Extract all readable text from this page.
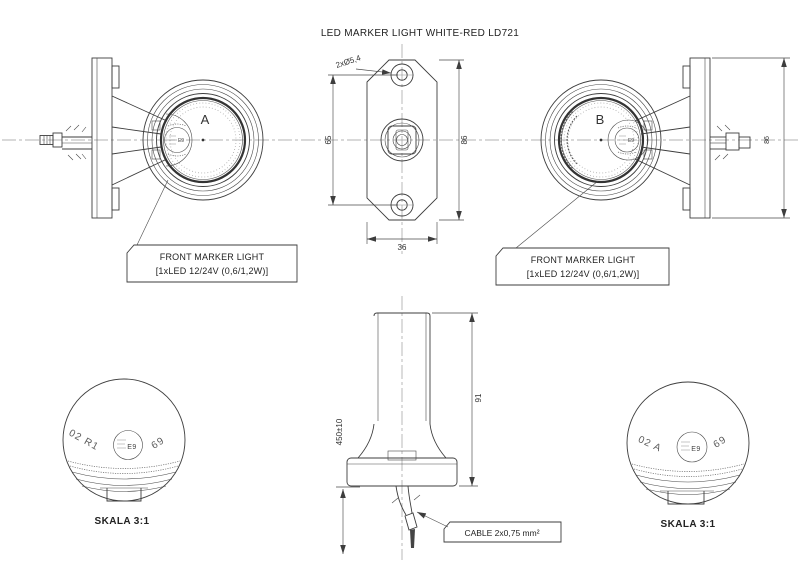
LED MARKER LIGHT WHITE-RED LD721
E9
A
FRONT MARKER LIGHT
[1xLED 12/24V (0,6/1,2W)]
2xØ5,4
65	86
36
E9
B
86
FRONT MARKER LIGHT
[1xLED 12/24V (0,6/1,2W)]
91
450±10
CABLE 2x0,75 mm²
02 R1	E9 69
SKALA 3:1
02 A	E9 69
SKALA 3:1
